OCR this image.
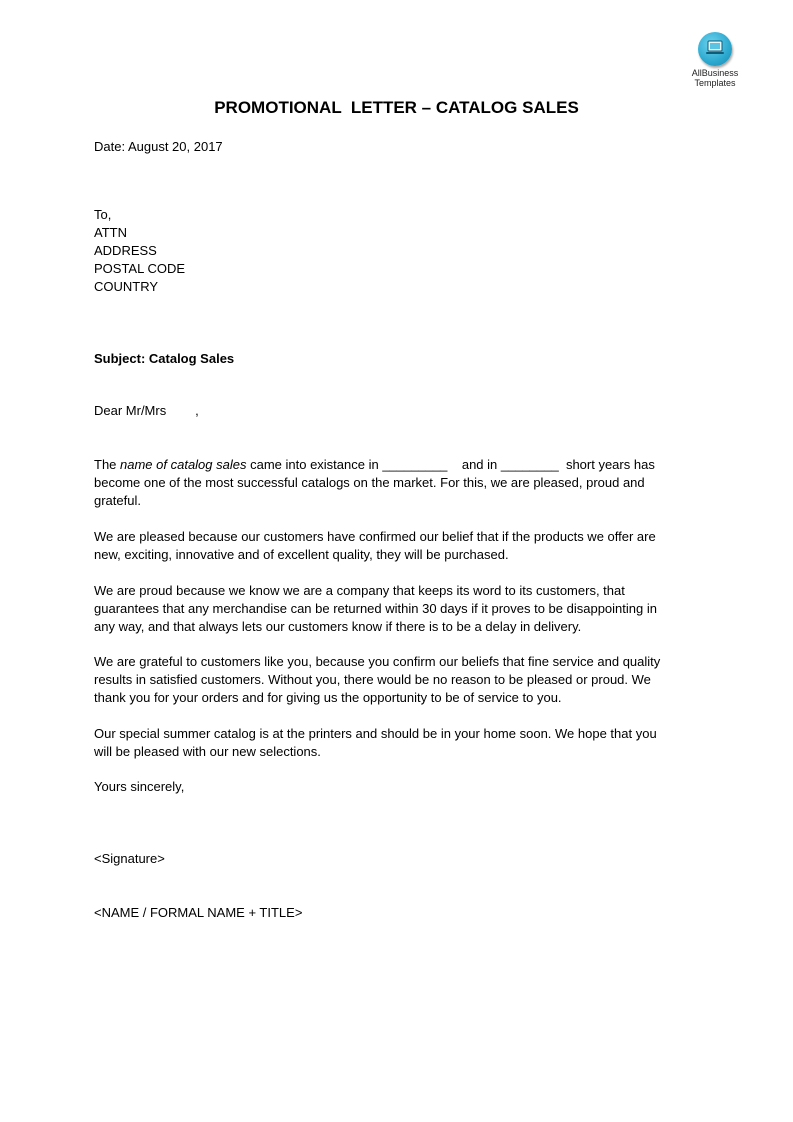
AllBusiness
Templates
PROMOTIONAL  LETTER – CATALOG SALES
Date: August 20, 2017
To,
ATTN
ADDRESS
POSTAL CODE
COUNTRY
Subject: Catalog Sales
Dear Mr/Mrs        ,

The name of catalog sales came into existance in _________    and in ________  short years has

become one of the most successful catalogs on the market. For this, we are pleased, proud and

grateful.

We are pleased because our customers have confirmed our belief that if the products we offer are

new, exciting, innovative and of excellent quality, they will be purchased.

We are proud because we know we are a company that keeps its word to its customers, that

guarantees that any merchandise can be returned within 30 days if it proves to be disappointing in

any way, and that always lets our customers know if there is to be a delay in delivery.

We are grateful to customers like you, because you confirm our beliefs that fine service and quality

results in satisfied customers. Without you, there would be no reason to be pleased or proud. We

thank you for your orders and for giving us the opportunity to be of service to you.

Our special summer catalog is at the printers and should be in your home soon. We hope that you

will be pleased with our new selections.

Yours sincerely,
<Signature>
<NAME / FORMAL NAME + TITLE>
